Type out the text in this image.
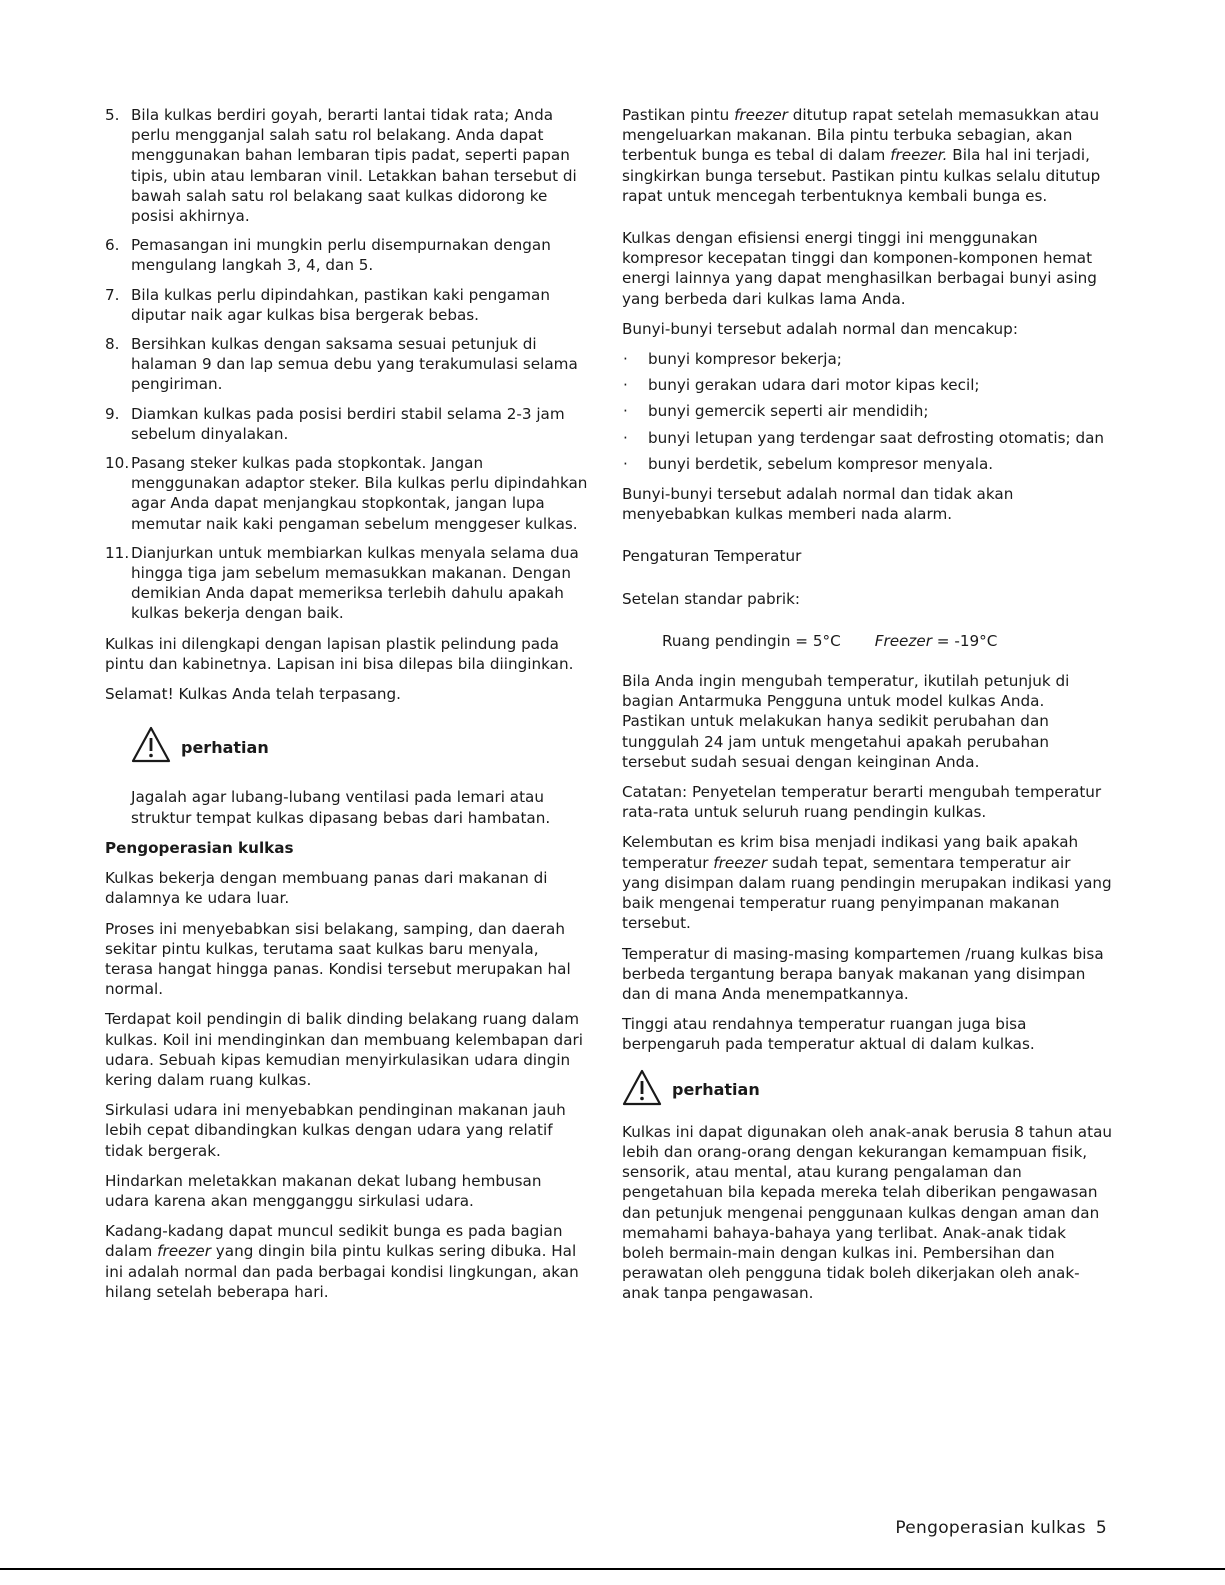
5. Bila kulkas berdiri goyah, berarti lantai tidak rata; Anda perlu mengganjal salah satu rol belakang. Anda dapat menggunakan bahan lembaran tipis padat, seperti papan tipis, ubin atau lembaran vinil. Letakkan bahan tersebut di bawah salah satu rol belakang saat kulkas didorong ke posisi akhirnya.
6. Pemasangan ini mungkin perlu disempurnakan dengan mengulang langkah 3, 4, dan 5.
7. Bila kulkas perlu dipindahkan, pastikan kaki pengaman diputar naik agar kulkas bisa bergerak bebas.
8. Bersihkan kulkas dengan saksama sesuai petunjuk di halaman 9 dan lap semua debu yang terakumulasi selama pengiriman.
9. Diamkan kulkas pada posisi berdiri stabil selama 2-3 jam sebelum dinyalakan.
10. Pasang steker kulkas pada stopkontak. Jangan menggunakan adaptor steker. Bila kulkas perlu dipindahkan agar Anda dapat menjangkau stopkontak, jangan lupa memutar naik kaki pengaman sebelum menggeser kulkas.
11. Dianjurkan untuk membiarkan kulkas menyala selama dua hingga tiga jam sebelum memasukkan makanan. Dengan demikian Anda dapat memeriksa terlebih dahulu apakah kulkas bekerja dengan baik.

Kulkas ini dilengkapi dengan lapisan plastik pelindung pada pintu dan kabinetnya. Lapisan ini bisa dilepas bila diinginkan.

Selamat! Kulkas Anda telah terpasang.

perhatian

Jagalah agar lubang-lubang ventilasi pada lemari atau struktur tempat kulkas dipasang bebas dari hambatan.

Pengoperasian kulkas

Kulkas bekerja dengan membuang panas dari makanan di dalamnya ke udara luar.

Proses ini menyebabkan sisi belakang, samping, dan daerah sekitar pintu kulkas, terutama saat kulkas baru menyala, terasa hangat hingga panas. Kondisi tersebut merupakan hal normal.

Terdapat koil pendingin di balik dinding belakang ruang dalam kulkas. Koil ini mendinginkan dan membuang kelembapan dari udara. Sebuah kipas kemudian menyirkulasikan udara dingin kering dalam ruang kulkas.

Sirkulasi udara ini menyebabkan pendinginan makanan jauh lebih cepat dibandingkan kulkas dengan udara yang relatif tidak bergerak.

Hindarkan meletakkan makanan dekat lubang hembusan udara karena akan mengganggu sirkulasi udara.

Kadang-kadang dapat muncul sedikit bunga es pada bagian dalam freezer yang dingin bila pintu kulkas sering dibuka. Hal ini adalah normal dan pada berbagai kondisi lingkungan, akan hilang setelah beberapa hari.

Pastikan pintu freezer ditutup rapat setelah memasukkan atau mengeluarkan makanan. Bila pintu terbuka sebagian, akan terbentuk bunga es tebal di dalam freezer. Bila hal ini terjadi, singkirkan bunga tersebut. Pastikan pintu kulkas selalu ditutup rapat untuk mencegah terbentuknya kembali bunga es.

Kulkas dengan efisiensi energi tinggi ini menggunakan kompresor kecepatan tinggi dan komponen-komponen hemat energi lainnya yang dapat menghasilkan berbagai bunyi asing yang berbeda dari kulkas lama Anda.

Bunyi-bunyi tersebut adalah normal dan mencakup:

· bunyi kompresor bekerja;
· bunyi gerakan udara dari motor kipas kecil;
· bunyi gemercik seperti air mendidih;
· bunyi letupan yang terdengar saat defrosting otomatis; dan
· bunyi berdetik, sebelum kompresor menyala.

Bunyi-bunyi tersebut adalah normal dan tidak akan menyebabkan kulkas memberi nada alarm.

Pengaturan Temperatur

Setelan standar pabrik:

Ruang pendingin = 5°C Freezer = -19°C

Bila Anda ingin mengubah temperatur, ikutilah petunjuk di bagian Antarmuka Pengguna untuk model kulkas Anda. Pastikan untuk melakukan hanya sedikit perubahan dan tunggulah 24 jam untuk mengetahui apakah perubahan tersebut sudah sesuai dengan keinginan Anda.

Catatan: Penyetelan temperatur berarti mengubah temperatur rata-rata untuk seluruh ruang pendingin kulkas.

Kelembutan es krim bisa menjadi indikasi yang baik apakah temperatur freezer sudah tepat, sementara temperatur air yang disimpan dalam ruang pendingin merupakan indikasi yang baik mengenai temperatur ruang penyimpanan makanan tersebut.

Temperatur di masing-masing kompartemen /ruang kulkas bisa berbeda tergantung berapa banyak makanan yang disimpan dan di mana Anda menempatkannya.

Tinggi atau rendahnya temperatur ruangan juga bisa berpengaruh pada temperatur aktual di dalam kulkas.

perhatian

Kulkas ini dapat digunakan oleh anak-anak berusia 8 tahun atau lebih dan orang-orang dengan kekurangan kemampuan fisik, sensorik, atau mental, atau kurang pengalaman dan pengetahuan bila kepada mereka telah diberikan pengawasan dan petunjuk mengenai penggunaan kulkas dengan aman dan memahami bahaya-bahaya yang terlibat. Anak-anak tidak boleh bermain-main dengan kulkas ini. Pembersihan dan perawatan oleh pengguna tidak boleh dikerjakan oleh anak-anak tanpa pengawasan.

Pengoperasian kulkas 5
